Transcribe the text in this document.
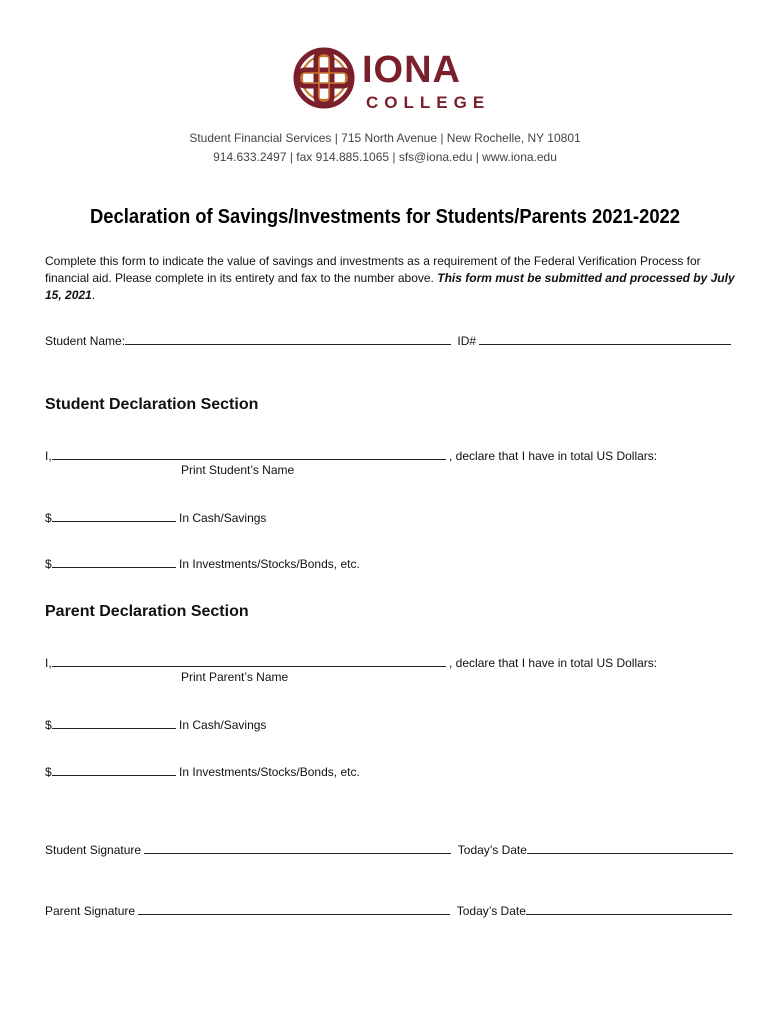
IONA
COLLEGE
Student Financial Services | 715 North Avenue | New Rochelle, NY 10801
914.633.2497 | fax 914.885.1065 | sfs@iona.edu | www.iona.edu
Declaration of Savings/Investments for Students/Parents 2021-2022
Complete this form to indicate the value of savings and investments as a requirement of the Federal Verification Process for financial aid. Please complete in its entirety and fax to the number above. This form must be submitted and processed by July 15, 2021.
Student Name:	ID#
Student Declaration Section
I,	, declare that I have in total US Dollars:
Print Student’s Name
$	In Cash/Savings
$	In Investments/Stocks/Bonds, etc.
Parent Declaration Section
I,	, declare that I have in total US Dollars:
Print Parent’s Name
$	In Cash/Savings
$	In Investments/Stocks/Bonds, etc.
Student Signature	Today’s Date
Parent Signature	Today’s Date
